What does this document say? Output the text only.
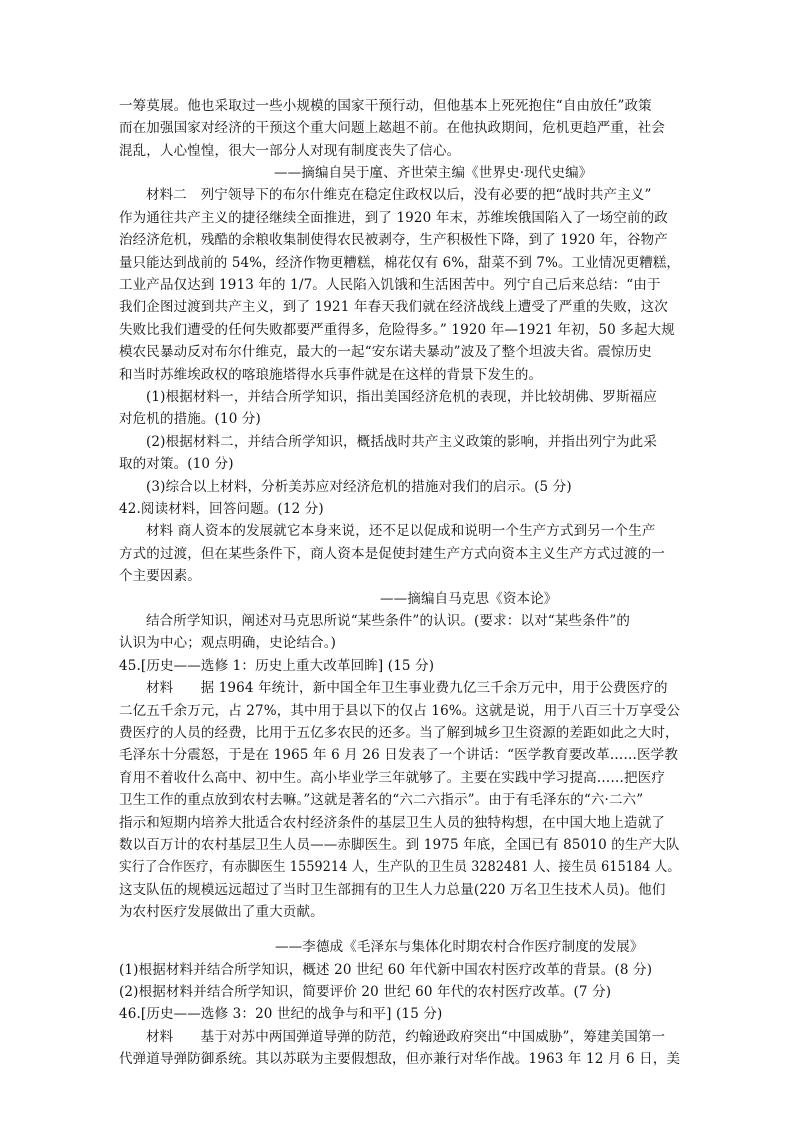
一筹莫展。他也采取过一些小规模的国家干预行动，但他基本上死死抱住“自由放任”政策
而在加强国家对经济的干预这个重大问题上趑趄不前。在他执政期间，危机更趋严重，社会
混乱，人心惶惶，很大一部分人对现有制度丧失了信心。
——摘编自吴于廑、齐世荣主编《世界史·现代史编》
材料二　列宁领导下的布尔什维克在稳定住政权以后，没有必要的把“战时共产主义”
作为通往共产主义的捷径继续全面推进，到了 1920 年末，苏维埃俄国陷入了一场空前的政
治经济危机，残酷的余粮收集制使得农民被剥夺，生产积极性下降，到了 1920 年，谷物产
量只能达到战前的 54%，经济作物更糟糕，棉花仅有 6%，甜菜不到 7%。工业情况更糟糕，
工业产品仅达到 1913 年的 1/7。人民陷入饥饿和生活困苦中。列宁自己后来总结：“由于
我们企图过渡到共产主义，到了 1921 年春天我们就在经济战线上遭受了严重的失败，这次
失败比我们遭受的任何失败都要严重得多，危险得多。” 1920 年—1921 年初，50 多起大规
模农民暴动反对布尔什维克，最大的一起“安东诺夫暴动”波及了整个坦波夫省。震惊历史
和当时苏维埃政权的喀琅施塔得水兵事件就是在这样的背景下发生的。
(1)根据材料一，并结合所学知识，指出美国经济危机的表现，并比较胡佛、罗斯福应
对危机的措施。(10 分)
(2)根据材料二，并结合所学知识，概括战时共产主义政策的影响，并指出列宁为此采
取的对策。(10 分)
(3)综合以上材料，分析美苏应对经济危机的措施对我们的启示。(5 分)
42.阅读材料，回答问题。(12 分)
材料 商人资本的发展就它本身来说，还不足以促成和说明一个生产方式到另一个生产
方式的过渡，但在某些条件下，商人资本是促使封建生产方式向资本主义生产方式过渡的一
个主要因素。
——摘编自马克思《资本论》
结合所学知识，阐述对马克思所说“某些条件”的认识。(要求：以对“某些条件”的
认识为中心；观点明确，史论结合。)
45.[历史——选修 1：历史上重大改革回眸] (15 分)
材料　　据 1964 年统计，新中国全年卫生事业费九亿三千余万元中，用于公费医疗的
二亿五千余万元，占 27%，其中用于县以下的仅占 16%。这就是说，用于八百三十万享受公
费医疗的人员的经费，比用于五亿多农民的还多。当了解到城乡卫生资源的差距如此之大时，
毛泽东十分震怒，于是在 1965 年 6 月 26 日发表了一个讲话：“医学教育要改革……医学教
育用不着收什么高中、初中生。高小毕业学三年就够了。主要在实践中学习提高……把医疗
卫生工作的重点放到农村去嘛。”这就是著名的“六二六指示”。由于有毛泽东的“六·二六”
指示和短期内培养大批适合农村经济条件的基层卫生人员的独特构想，在中国大地上造就了
数以百万计的农村基层卫生人员——赤脚医生。到 1975 年底，全国已有 85010 的生产大队
实行了合作医疗，有赤脚医生 1559214 人，生产队的卫生员 3282481 人、接生员 615184 人。
这支队伍的规模远远超过了当时卫生部拥有的卫生人力总量(220 万名卫生技术人员)。他们
为农村医疗发展做出了重大贡献。
——李德成《毛泽东与集体化时期农村合作医疗制度的发展》
(1)根据材料并结合所学知识，概述 20 世纪 60 年代新中国农村医疗改革的背景。(8 分)
(2)根据材料并结合所学知识，简要评价 20 世纪 60 年代的农村医疗改革。(7 分)
46.[历史——选修 3：20 世纪的战争与和平] (15 分)
材料　　基于对苏中两国弹道导弹的防范，约翰逊政府突出“中国威胁”，筹建美国第一
代弹道导弹防御系统。其以苏联为主要假想敌，但亦兼行对华作战。1963 年 12 月 6 日，美
